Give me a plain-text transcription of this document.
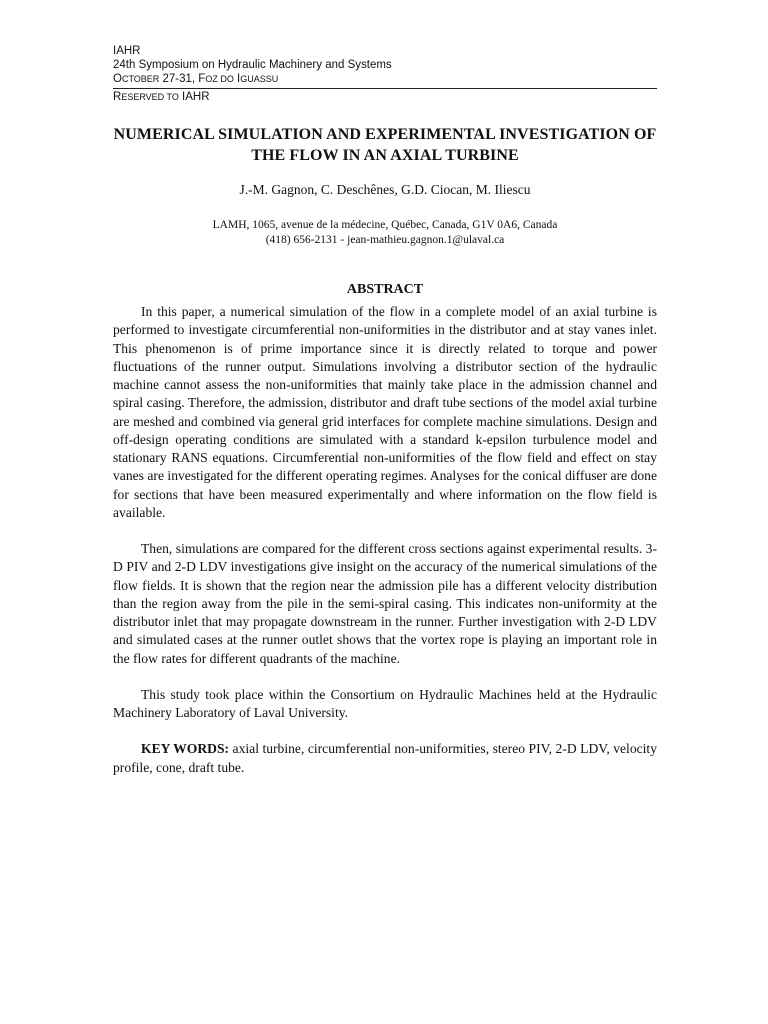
IAHR
24th Symposium on Hydraulic Machinery and Systems
OCTOBER 27-31, FOZ DO IGUASSU
RESERVED TO IAHR
NUMERICAL SIMULATION AND EXPERIMENTAL INVESTIGATION OF THE FLOW IN AN AXIAL TURBINE
J.-M. Gagnon, C. Deschênes, G.D. Ciocan, M. Iliescu
LAMH, 1065, avenue de la médecine, Québec, Canada, G1V 0A6, Canada
(418) 656-2131 - jean-mathieu.gagnon.1@ulaval.ca
ABSTRACT

In this paper, a numerical simulation of the flow in a complete model of an axial turbine is performed to investigate circumferential non-uniformities in the distributor and at stay vanes inlet. This phenomenon is of prime importance since it is directly related to torque and power fluctuations of the runner output. Simulations involving a distributor section of the hydraulic machine cannot assess the non-uniformities that mainly take place in the admission channel and spiral casing. Therefore, the admission, distributor and draft tube sections of the model axial turbine are meshed and combined via general grid interfaces for complete machine simulations. Design and off-design operating conditions are simulated with a standard k-epsilon turbulence model and stationary RANS equations. Circumferential non-uniformities of the flow field and effect on stay vanes are investigated for the different operating regimes. Analyses for the conical diffuser are done for sections that have been measured experimentally and where information on the flow field is available.

Then, simulations are compared for the different cross sections against experimental results. 3-D PIV and 2-D LDV investigations give insight on the accuracy of the numerical simulations of the flow fields. It is shown that the region near the admission pile has a different velocity distribution than the region away from the pile in the semi-spiral casing. This indicates non-uniformity at the distributor inlet that may propagate downstream in the runner. Further investigation with 2-D LDV and simulated cases at the runner outlet shows that the vortex rope is playing an important role in the flow rates for different quadrants of the machine.

This study took place within the Consortium on Hydraulic Machines held at the Hydraulic Machinery Laboratory of Laval University.

KEY WORDS: axial turbine, circumferential non-uniformities, stereo PIV, 2-D LDV, velocity profile, cone, draft tube.
